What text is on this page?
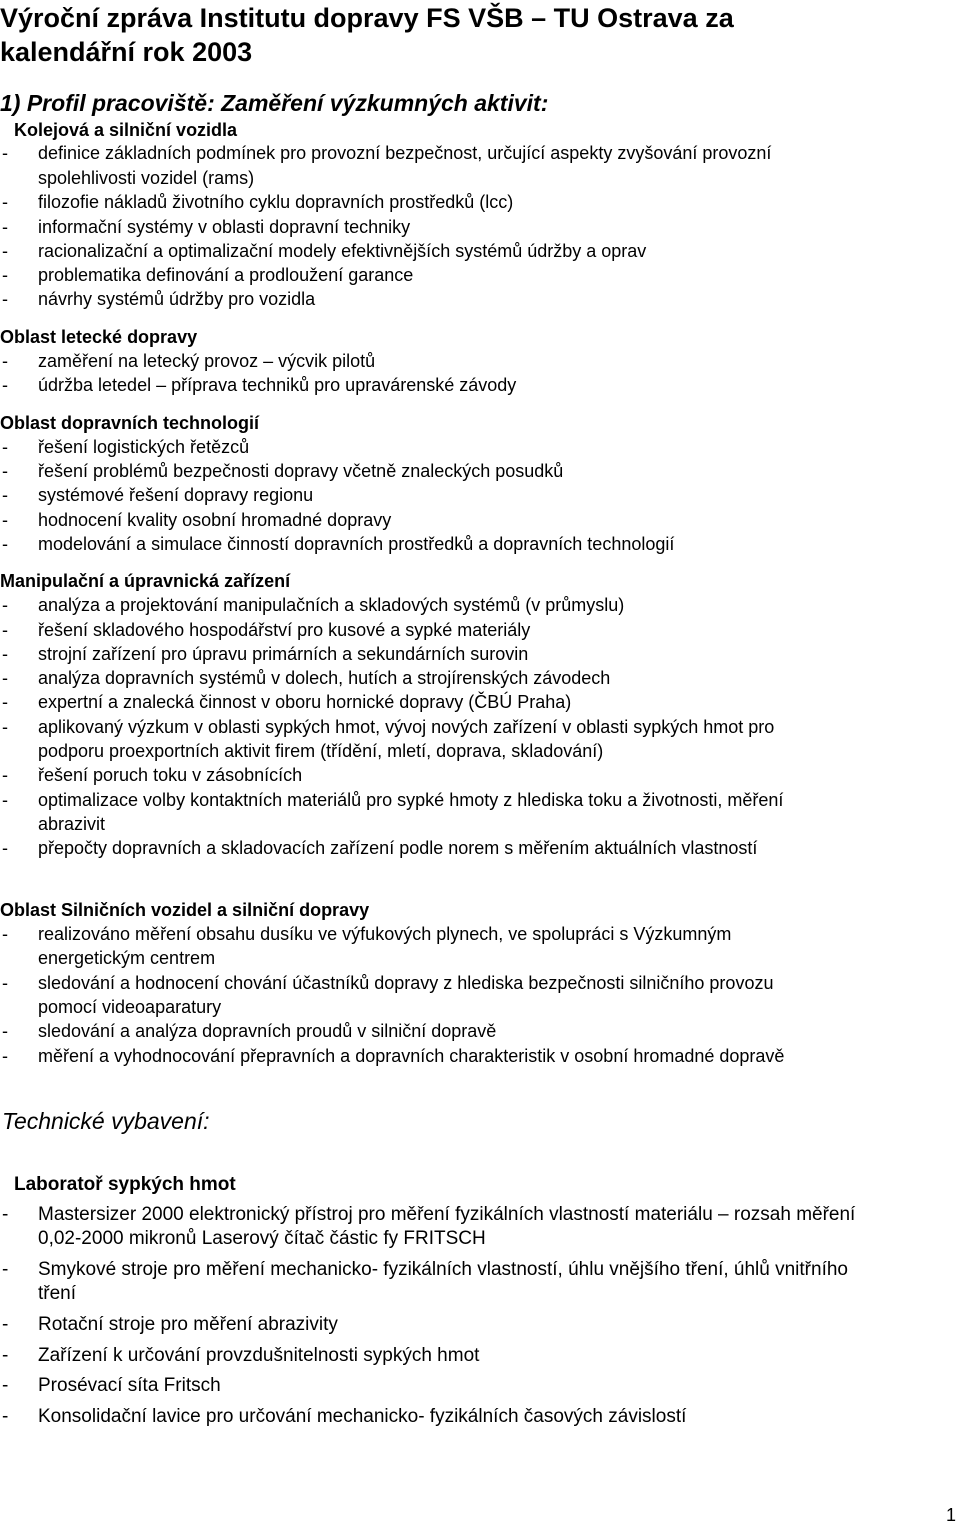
Výroční zpráva Institutu dopravy FS VŠB – TU Ostrava za
kalendářní rok 2003
1) Profil pracoviště: Zaměření výzkumných aktivit:
Kolejová a silniční vozidla
- definice základních podmínek pro provozní bezpečnost, určující aspekty zvyšování provozní
spolehlivosti vozidel (rams)
- filozofie nákladů životního cyklu dopravních prostředků (lcc)
- informační systémy v oblasti dopravní techniky
- racionalizační a optimalizační modely efektivnějších systémů údržby a oprav
- problematika definování a prodloužení garance
- návrhy systémů údržby pro vozidla
Oblast letecké dopravy
- zaměření na letecký provoz – výcvik pilotů
- údržba letedel – příprava techniků pro upravárenské závody
Oblast dopravních technologií
- řešení logistických řetězců
- řešení problémů bezpečnosti dopravy včetně znaleckých posudků
- systémové řešení dopravy regionu
- hodnocení kvality osobní hromadné dopravy
- modelování a simulace činností dopravních prostředků a dopravních technologií
Manipulační a úpravnická zařízení
- analýza a projektování manipulačních a skladových systémů (v průmyslu)
- řešení skladového hospodářství pro kusové a sypké materiály
- strojní zařízení pro úpravu primárních a sekundárních surovin
- analýza dopravních systémů v dolech, hutích a strojírenských závodech
- expertní a znalecká činnost v oboru hornické dopravy (ČBÚ Praha)
- aplikovaný výzkum v oblasti sypkých hmot, vývoj nových zařízení v oblasti sypkých hmot pro
podporu proexportních aktivit firem (třídění, mletí, doprava, skladování)
- řešení poruch toku v zásobnících
- optimalizace volby kontaktních materiálů pro sypké hmoty z hlediska toku a životnosti, měření
abrazivit
- přepočty dopravních a skladovacích zařízení podle norem s měřením aktuálních vlastností
Oblast Silničních vozidel a silniční dopravy
- realizováno měření obsahu dusíku ve výfukových plynech, ve spolupráci s Výzkumným
energetickým centrem
- sledování a hodnocení chování účastníků dopravy z hlediska bezpečnosti silničního provozu
pomocí videoaparatury
- sledování a analýza dopravních proudů v silniční dopravě
- měření a vyhodnocování přepravních a dopravních charakteristik v osobní hromadné dopravě
Technické vybavení:
Laboratoř sypkých hmot
- Mastersizer 2000 elektronický přístroj pro měření fyzikálních vlastností materiálu – rozsah měření
0,02-2000 mikronů Laserový čítač částic fy FRITSCH
- Smykové stroje pro měření mechanicko- fyzikálních vlastností, úhlu vnějšího tření, úhlů vnitřního
tření
- Rotační stroje pro měření abrazivity
- Zařízení k určování provzdušnitelnosti sypkých hmot
- Prosévací síta Fritsch
- Konsolidační lavice pro určování mechanicko- fyzikálních časových závislostí
1
